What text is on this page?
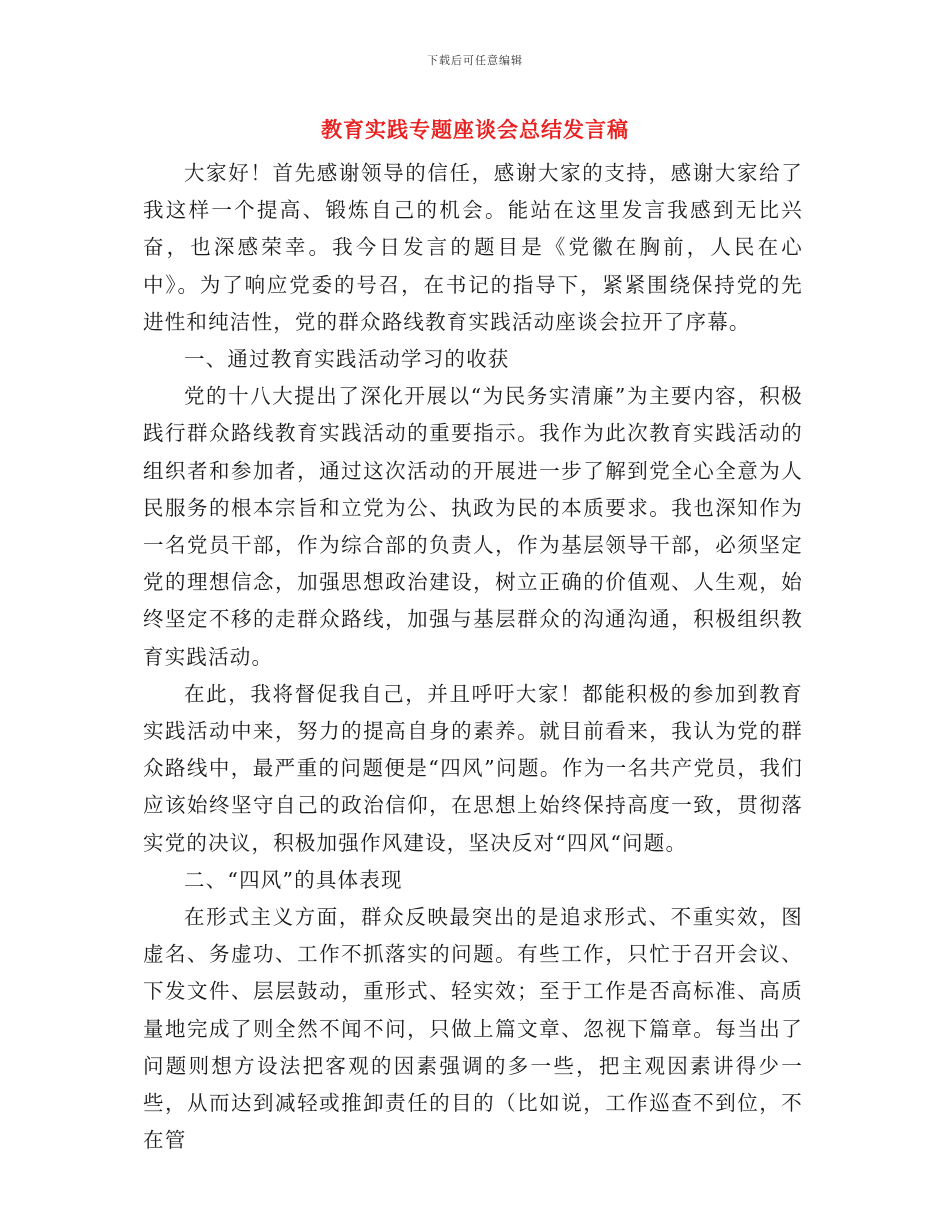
下载后可任意编辑
教育实践专题座谈会总结发言稿

大家好！首先感谢领导的信任，感谢大家的支持，感谢大家给了我这样一个提高、锻炼自己的机会。能站在这里发言我感到无比兴奋，也深感荣幸。我今日发言的题目是《党徽在胸前，人民在心中》。为了响应党委的号召，在书记的指导下，紧紧围绕保持党的先进性和纯洁性，党的群众路线教育实践活动座谈会拉开了序幕。

一、通过教育实践活动学习的收获

党的十八大提出了深化开展以“为民务实清廉”为主要内容，积极践行群众路线教育实践活动的重要指示。我作为此次教育实践活动的组织者和参加者，通过这次活动的开展进一步了解到党全心全意为人民服务的根本宗旨和立党为公、执政为民的本质要求。我也深知作为一名党员干部，作为综合部的负责人，作为基层领导干部，必须坚定党的理想信念，加强思想政治建设，树立正确的价值观、人生观，始终坚定不移的走群众路线，加强与基层群众的沟通沟通，积极组织教育实践活动。

在此，我将督促我自己，并且呼吁大家！都能积极的参加到教育实践活动中来，努力的提高自身的素养。就目前看来，我认为党的群众路线中，最严重的问题便是“四风”问题。作为一名共产党员，我们应该始终坚守自己的政治信仰，在思想上始终保持高度一致，贯彻落实党的决议，积极加强作风建设，坚决反对“四风“问题。

二、“四风”的具体表现

在形式主义方面，群众反映最突出的是追求形式、不重实效，图虚名、务虚功、工作不抓落实的问题。有些工作，只忙于召开会议、下发文件、层层鼓动，重形式、轻实效；至于工作是否高标准、高质量地完成了则全然不闻不问，只做上篇文章、忽视下篇章。每当出了问题则想方设法把客观的因素强调的多一些，把主观因素讲得少一些，从而达到减轻或推卸责任的目的（比如说，工作巡查不到位，不在管
